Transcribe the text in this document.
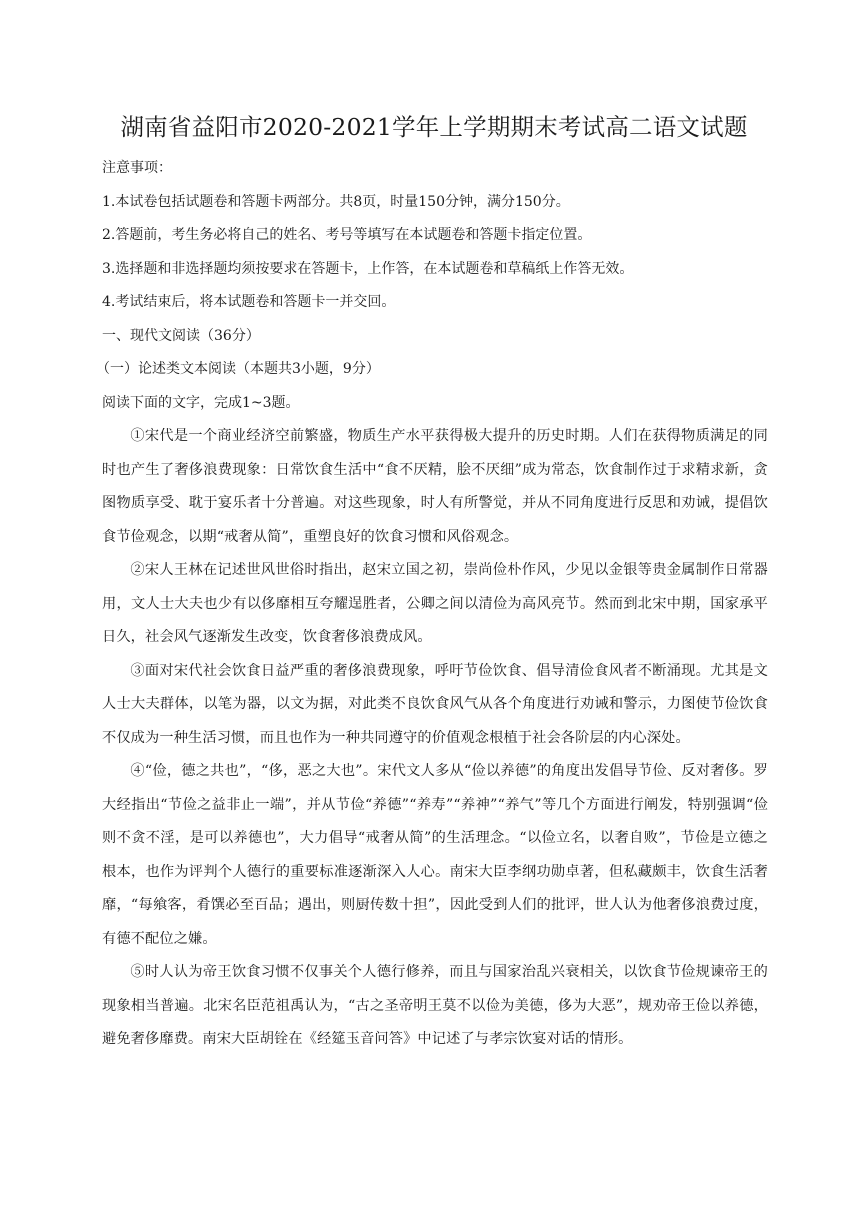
湖南省益阳市2020-2021学年上学期期末考试高二语文试题

注意事项：

1.本试卷包括试题卷和答题卡两部分。共8页，时量150分钟，满分150分。

2.答题前，考生务必将自己的姓名、考号等填写在本试题卷和答题卡指定位置。

3.选择题和非选择题均须按要求在答题卡，上作答，在本试题卷和草稿纸上作答无效。

4.考试结束后，将本试题卷和答题卡一并交回。

一、现代文阅读（36分）

（一）论述类文本阅读（本题共3小题，9分）

阅读下面的文字，完成1~3题。

①宋代是一个商业经济空前繁盛，物质生产水平获得极大提升的历史时期。人们在获得物质满足的同时也产生了奢侈浪费现象：日常饮食生活中“食不厌精，脍不厌细”成为常态，饮食制作过于求精求新，贪图物质享受、耽于宴乐者十分普遍。对这些现象，时人有所警觉，并从不同角度进行反思和劝诫，提倡饮食节俭观念，以期“戒奢从简”，重塑良好的饮食习惯和风俗观念。

②宋人王林在记述世风世俗时指出，赵宋立国之初，崇尚俭朴作风，少见以金银等贵金属制作日常器用，文人士大夫也少有以侈靡相互夸耀逞胜者，公卿之间以清俭为高风亮节。然而到北宋中期，国家承平日久，社会风气逐渐发生改变，饮食奢侈浪费成风。

③面对宋代社会饮食日益严重的奢侈浪费现象，呼吁节俭饮食、倡导清俭食风者不断涌现。尤其是文人士大夫群体，以笔为器，以文为据，对此类不良饮食风气从各个角度进行劝诫和警示，力图使节俭饮食不仅成为一种生活习惯，而且也作为一种共同遵守的价值观念根植于社会各阶层的内心深处。

④“俭，德之共也”，“侈，恶之大也”。宋代文人多从“俭以养德”的角度出发倡导节俭、反对奢侈。罗大经指出“节俭之益非止一端”，并从节俭“养德”“养寿”“养神”“养气”等几个方面进行阐发，特别强调“俭则不贪不淫，是可以养德也”，大力倡导“戒奢从简”的生活理念。“以俭立名，以奢自败”，节俭是立德之根本，也作为评判个人德行的重要标准逐渐深入人心。南宋大臣李纲功勋卓著，但私藏颇丰，饮食生活奢靡，“每飨客，肴馔必至百品；遇出，则厨传数十担”，因此受到人们的批评，世人认为他奢侈浪费过度，有德不配位之嫌。

⑤时人认为帝王饮食习惯不仅事关个人德行修养，而且与国家治乱兴衰相关，以饮食节俭规谏帝王的现象相当普遍。北宋名臣范祖禹认为，“古之圣帝明王莫不以俭为美德，侈为大恶”，规劝帝王俭以养德，避免奢侈靡费。南宋大臣胡铨在《经筵玉音问答》中记述了与孝宗饮宴对话的情形。
